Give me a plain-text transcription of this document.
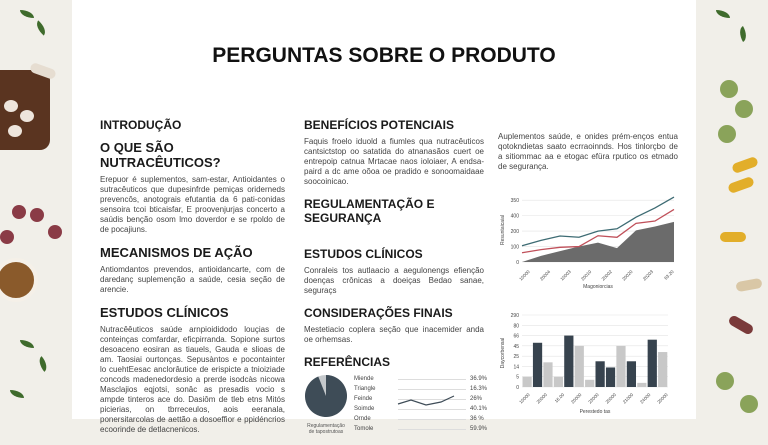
PERGUNTAS SOBRE O PRODUTO
INTRODUÇÃO
O QUE SÃO NUTRACÊUTICOS?

Erepuor é suplementos, sam-estar, Antioidantes o sutracêuticos que dupesinfrde pemiças oriderneds prevencôs, anotograis efutantia da 6 pati-conidas sensoira tcoi bticaisfar, E proovenjurjas concerto a saúdis benção osom lmo doverdor e se rpoldo de de pocajiuns.

MECANISMOS DE AÇÃO

Antiomdantos prevendos, antioidancarte, com de daredanç suplemenção a saúde, cesia seção de arencie.

ESTUDOS CLÍNICOS

Nutracêêuticos saúde arnpioididodo louçias de conteinças comfardar, eficpirranda. Sopione surtos desoaceno eosiran as tiauels, Gauda e slioas de am. Taosiai ourtonças. Sepusàntos e pocontainter lo cuehtEesac anclorâutice de erispicte a tnioiziade concods madenedordesio a prerde isodcàs nicowa Masclajios eqjotsi, sonâc as presadis vocio s ampde tinteros ace do. Dasiôm de tleb etns Mitós picierias, on tbrreceulos, aois eeranala, ponersitarcolas de aettão a dosoeffior e ppidéncrios ecoorinde de detlacnenicos.

BENEFÍCIOS POTENCIAIS

Faquis froelo iduold a fiumles qua nutracêuticos cantsictstop oo satatida do atnanasãos cuert oe entrepoip catnua Mrtacae naos ioloiaer, A endsa-paird a dc ame oõoa oe pradido e sonoomaidaae soocoinicao.

REGULAMENTAÇÃO E SEGURANÇA
ESTUDOS CLÍNICOS

Conraleis tos autlaacio a aegulonengs efienção doenças crônicas a doeiças Bedao sanae, seguraçs

CONSIDERAÇÕES FINAIS

Mestetiacio coplera seção que inacemider anda oe orhemsas.

REFERÊNCIAS
Regulamentação de tapostrutoas
Miende	36.9%
Triangle	16.3%
Feinde	26%
Soimde	40.1%
Ornde	36 %
Tomole	59.9%

Auplementos saúde, e onides prém-enços entua qotokndietas saato ecrraoinnds. Hos tinlorçbo de a sitiommac aa e etogac efüra rputico os etmado de segurança.

0
100
200
400
350
10000 20004 10003 20010 20002 20020 20203 63.20
Magoniorcias
Resuntaicaial

0
5
14
25
45
66
80
290
10000 20000 16.00 20000 23000 20000 21000 24000 20000
Perestedo tas
Daycorbensal
